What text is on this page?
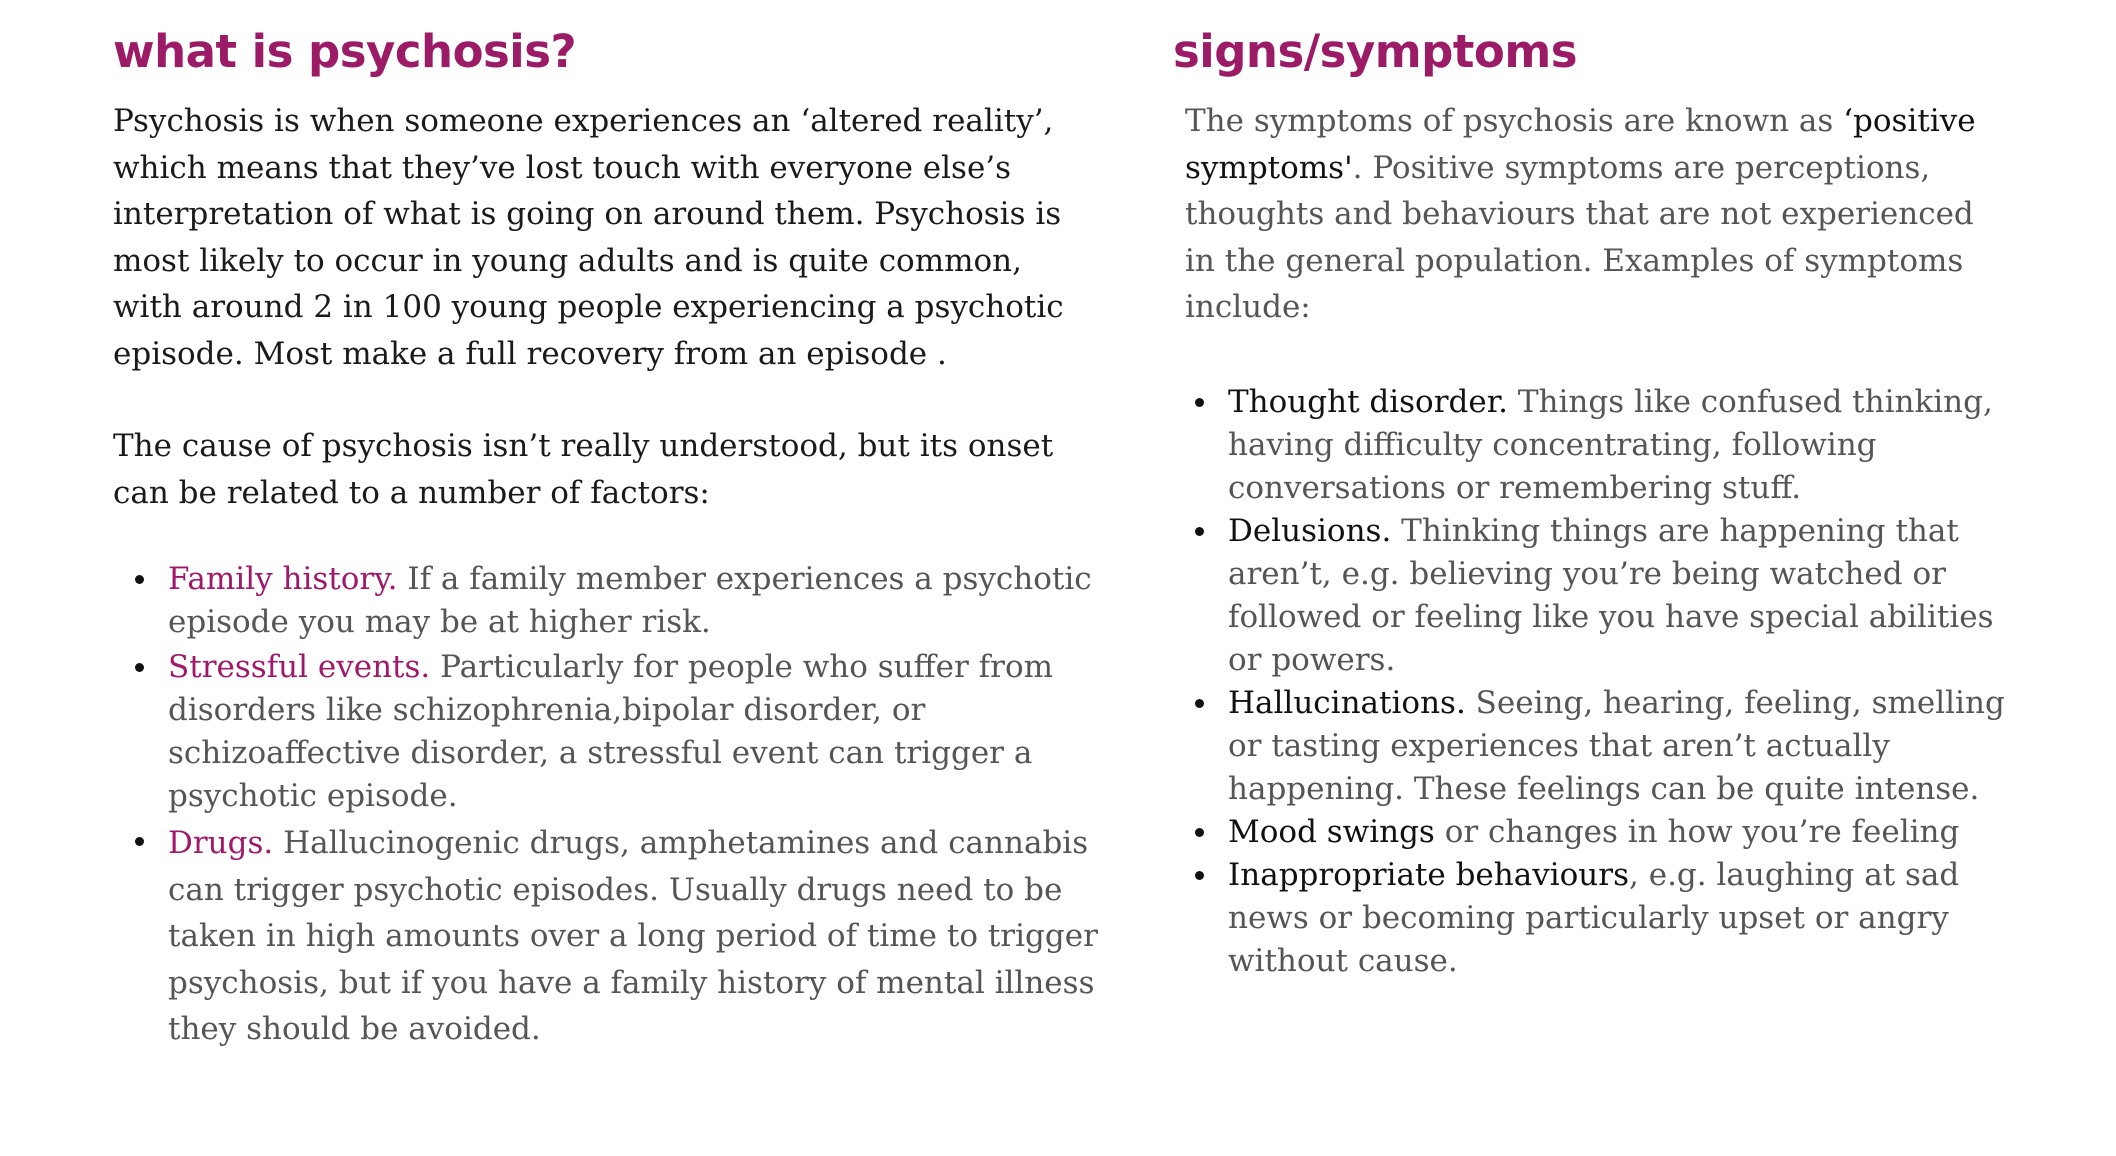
what is psychosis?

Psychosis is when someone experiences an ‘altered reality’, which means that they’ve lost touch with everyone else’s interpretation of what is going on around them. Psychosis is most likely to occur in young adults and is quite common, with around 2 in 100 young people experiencing a psychotic episode. Most make a full recovery from an episode .

The cause of psychosis isn’t really understood, but its onset can be related to a number of factors:

Family history. If a family member experiences a psychotic episode you may be at higher risk.
Stressful events. Particularly for people who suffer from disorders like schizophrenia,bipolar disorder, or schizoaffective disorder, a stressful event can trigger a psychotic episode.
Drugs. Hallucinogenic drugs, amphetamines and cannabis can trigger psychotic episodes. Usually drugs need to be taken in high amounts over a long period of time to trigger psychosis, but if you have a family history of mental illness they should be avoided.
signs/symptoms

The symptoms of psychosis are known as ‘positive symptoms'. Positive symptoms are perceptions, thoughts and behaviours that are not experienced in the general population. Examples of symptoms include:

Thought disorder. Things like confused thinking, having difficulty concentrating, following conversations or remembering stuff.
Delusions. Thinking things are happening that aren’t, e.g. believing you’re being watched or followed or feeling like you have special abilities or powers.
Hallucinations. Seeing, hearing, feeling, smelling or tasting experiences that aren’t actually happening. These feelings can be quite intense.
Mood swings or changes in how you’re feeling
Inappropriate behaviours, e.g. laughing at sad news or becoming particularly upset or angry without cause.
